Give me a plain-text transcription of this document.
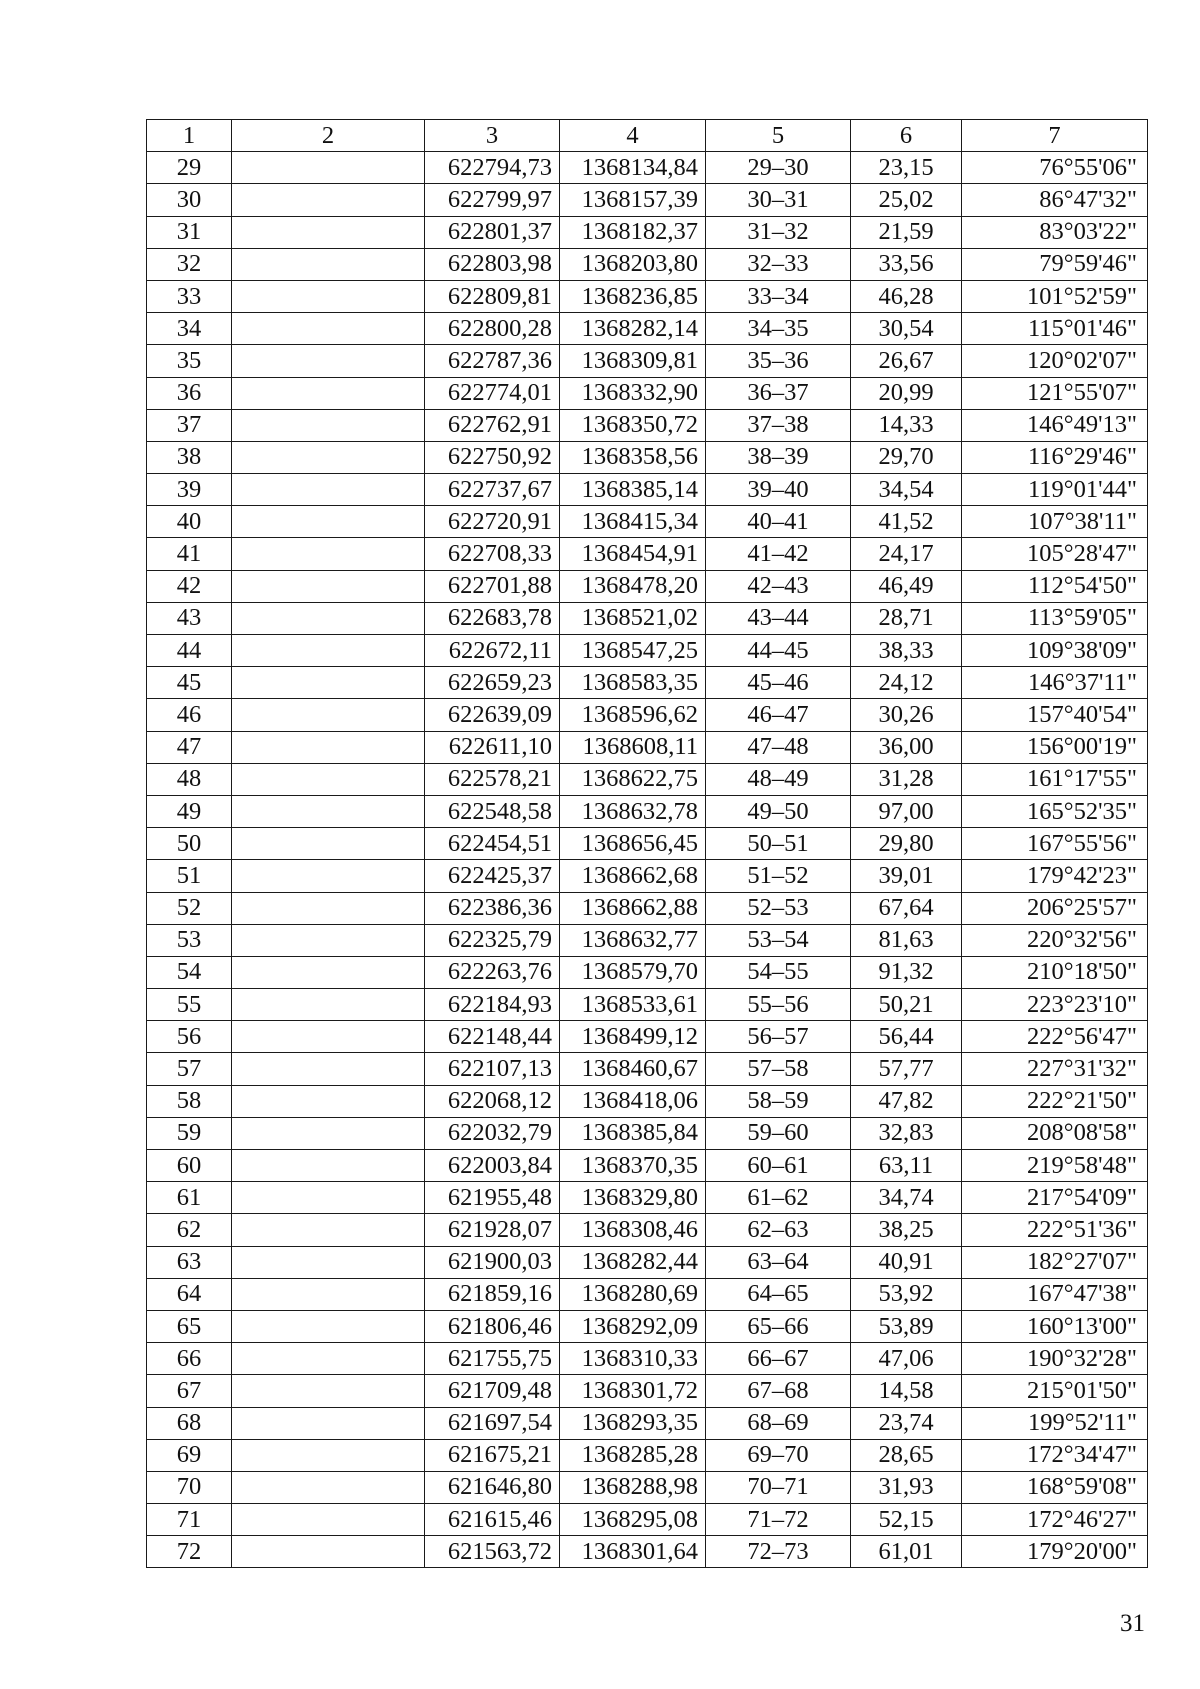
1	2	3	4	5	6	7
29		622794,73	1368134,84	29–30	23,15	76°55'06"
30		622799,97	1368157,39	30–31	25,02	86°47'32"
31		622801,37	1368182,37	31–32	21,59	83°03'22"
32		622803,98	1368203,80	32–33	33,56	79°59'46"
33		622809,81	1368236,85	33–34	46,28	101°52'59"
34		622800,28	1368282,14	34–35	30,54	115°01'46"
35		622787,36	1368309,81	35–36	26,67	120°02'07"
36		622774,01	1368332,90	36–37	20,99	121°55'07"
37		622762,91	1368350,72	37–38	14,33	146°49'13"
38		622750,92	1368358,56	38–39	29,70	116°29'46"
39		622737,67	1368385,14	39–40	34,54	119°01'44"
40		622720,91	1368415,34	40–41	41,52	107°38'11"
41		622708,33	1368454,91	41–42	24,17	105°28'47"
42		622701,88	1368478,20	42–43	46,49	112°54'50"
43		622683,78	1368521,02	43–44	28,71	113°59'05"
44		622672,11	1368547,25	44–45	38,33	109°38'09"
45		622659,23	1368583,35	45–46	24,12	146°37'11"
46		622639,09	1368596,62	46–47	30,26	157°40'54"
47		622611,10	1368608,11	47–48	36,00	156°00'19"
48		622578,21	1368622,75	48–49	31,28	161°17'55"
49		622548,58	1368632,78	49–50	97,00	165°52'35"
50		622454,51	1368656,45	50–51	29,80	167°55'56"
51		622425,37	1368662,68	51–52	39,01	179°42'23"
52		622386,36	1368662,88	52–53	67,64	206°25'57"
53		622325,79	1368632,77	53–54	81,63	220°32'56"
54		622263,76	1368579,70	54–55	91,32	210°18'50"
55		622184,93	1368533,61	55–56	50,21	223°23'10"
56		622148,44	1368499,12	56–57	56,44	222°56'47"
57		622107,13	1368460,67	57–58	57,77	227°31'32"
58		622068,12	1368418,06	58–59	47,82	222°21'50"
59		622032,79	1368385,84	59–60	32,83	208°08'58"
60		622003,84	1368370,35	60–61	63,11	219°58'48"
61		621955,48	1368329,80	61–62	34,74	217°54'09"
62		621928,07	1368308,46	62–63	38,25	222°51'36"
63		621900,03	1368282,44	63–64	40,91	182°27'07"
64		621859,16	1368280,69	64–65	53,92	167°47'38"
65		621806,46	1368292,09	65–66	53,89	160°13'00"
66		621755,75	1368310,33	66–67	47,06	190°32'28"
67		621709,48	1368301,72	67–68	14,58	215°01'50"
68		621697,54	1368293,35	68–69	23,74	199°52'11"
69		621675,21	1368285,28	69–70	28,65	172°34'47"
70		621646,80	1368288,98	70–71	31,93	168°59'08"
71		621615,46	1368295,08	71–72	52,15	172°46'27"
72		621563,72	1368301,64	72–73	61,01	179°20'00"
31
